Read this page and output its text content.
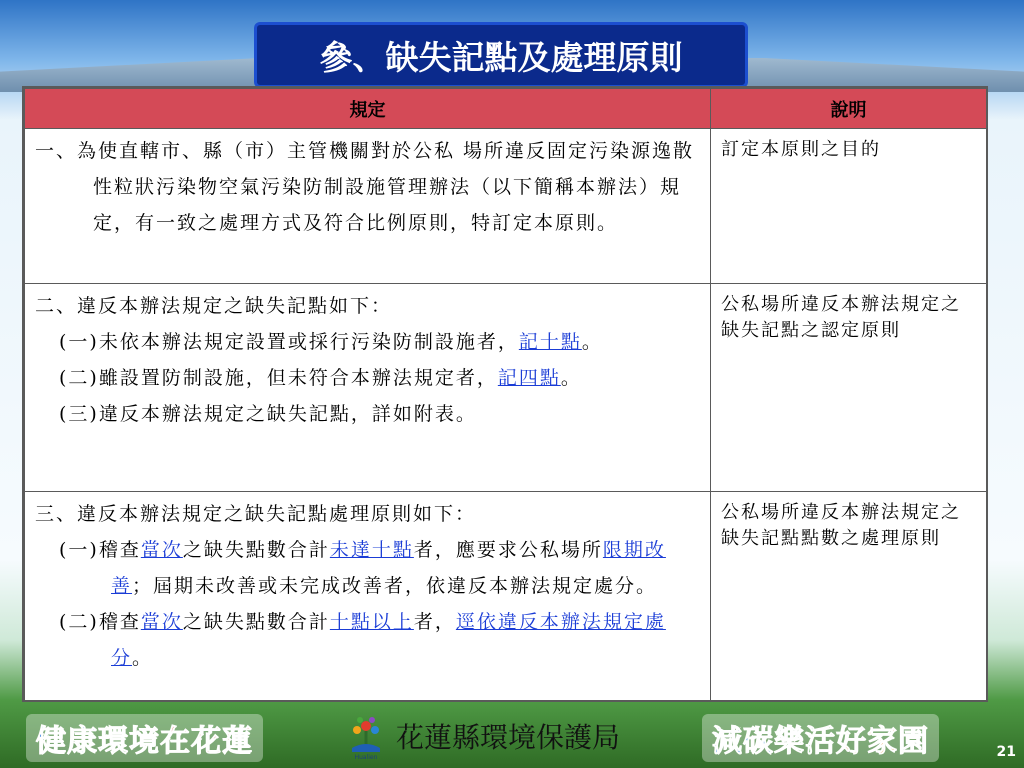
參、缺失記點及處理原則
規定	說明

一、為使直轄市、縣（市）主管機關對於公私 場所違反固定污染源逸散性粒狀污染物空氣污染防制設施管理辦法（以下簡稱本辦法）規定，有一致之處理方式及符合比例原則，特訂定本原則。	訂定本原則之目的

二、違反本辦法規定之缺失記點如下：
(一)未依本辦法規定設置或採行污染防制設施者，記十點。
(二)雖設置防制設施，但未符合本辦法規定者，記四點。
(三)違反本辦法規定之缺失記點，詳如附表。	公私場所違反本辦法規定之缺失記點之認定原則

三、違反本辦法規定之缺失記點處理原則如下：
(一)稽查當次之缺失點數合計未達十點者，應要求公私場所限期改善；屆期未改善或未完成改善者，依違反本辦法規定處分。
(二)稽查當次之缺失點數合計十點以上者，逕依違反本辦法規定處分。	公私場所違反本辦法規定之缺失記點點數之處理原則
健康環境在花蓮	Hualien
花蓮縣環境保護局	減碳樂活好家園	21
